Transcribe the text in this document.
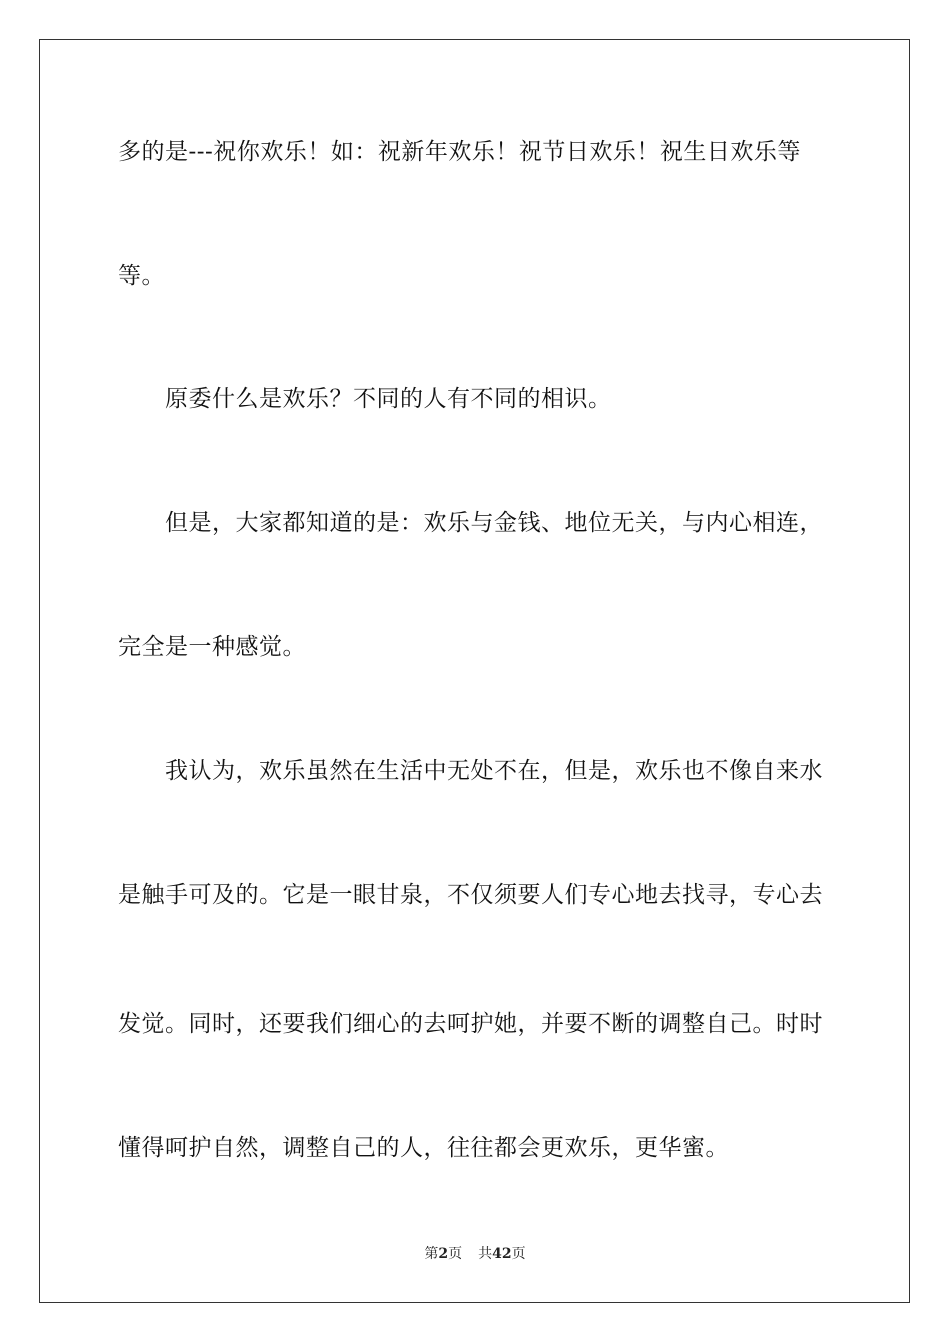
多的是---祝你欢乐！如：祝新年欢乐！祝节日欢乐！祝生日欢乐等
等。
原委什么是欢乐？不同的人有不同的相识。
但是，大家都知道的是：欢乐与金钱、地位无关，与内心相连，
完全是一种感觉。
我认为，欢乐虽然在生活中无处不在，但是，欢乐也不像自来水
是触手可及的。它是一眼甘泉，不仅须要人们专心地去找寻，专心去
发觉。同时，还要我们细心的去呵护她，并要不断的调整自己。时时
懂得呵护自然，调整自己的人，往往都会更欢乐，更华蜜。
第2页 共42页
